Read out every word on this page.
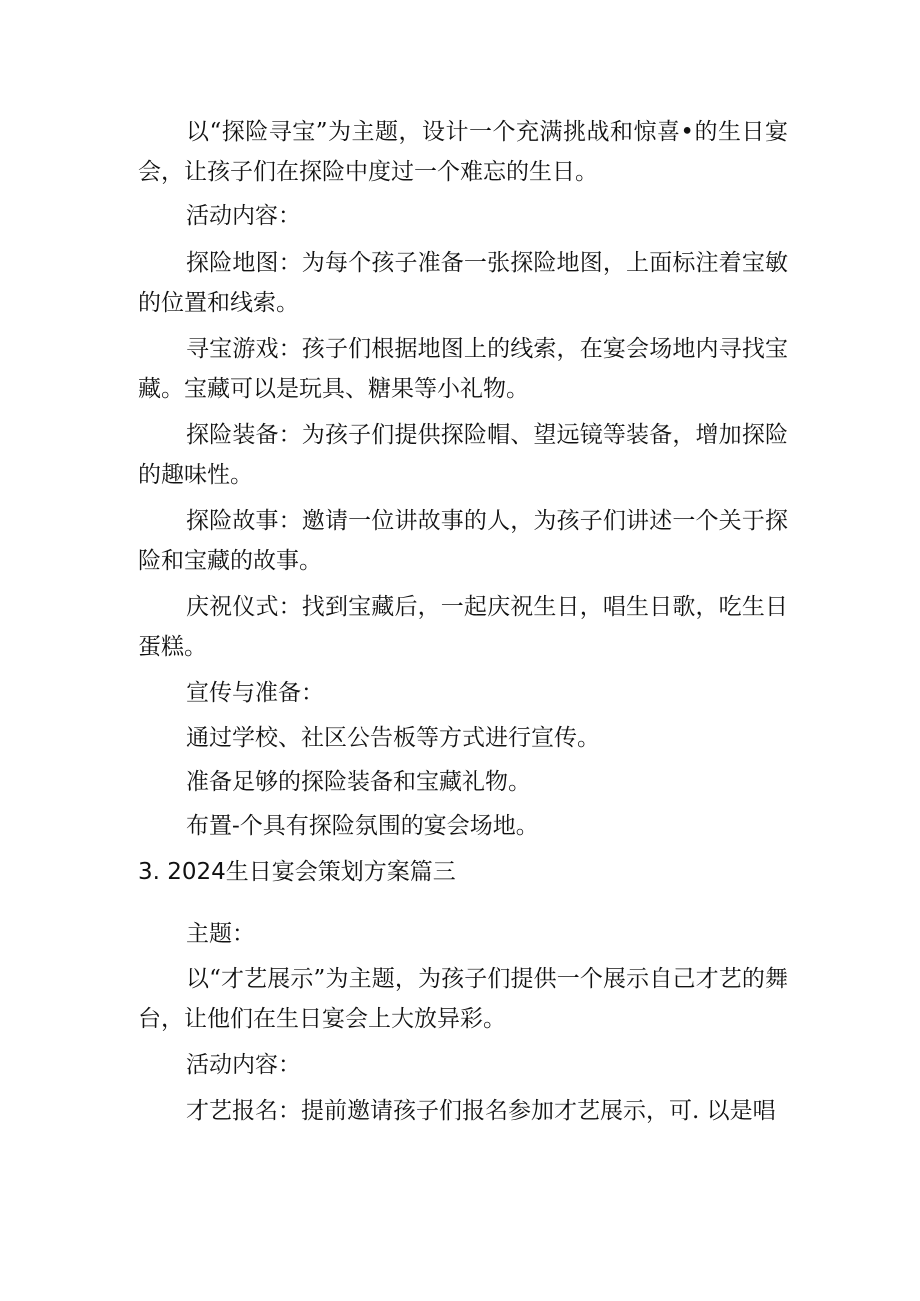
以“探险寻宝”为主题，设计一个充满挑战和惊喜•的生日宴会，让孩子们在探险中度过一个难忘的生日。

活动内容：

探险地图：为每个孩子准备一张探险地图，上面标注着宝敏的位置和线索。

寻宝游戏：孩子们根据地图上的线索，在宴会场地内寻找宝藏。宝藏可以是玩具、糖果等小礼物。

探险装备：为孩子们提供探险帽、望远镜等装备，增加探险的趣味性。

探险故事：邀请一位讲故事的人，为孩子们讲述一个关于探险和宝藏的故事。

庆祝仪式：找到宝藏后，一起庆祝生日，唱生日歌，吃生日蛋糕。

宣传与准备：

通过学校、社区公告板等方式进行宣传。

准备足够的探险装备和宝藏礼物。

布置-个具有探险氛围的宴会场地。

3. 2024生日宴会策划方案篇三

主题：

以“才艺展示”为主题，为孩子们提供一个展示自己才艺的舞台，让他们在生日宴会上大放异彩。

活动内容：

才艺报名：提前邀请孩子们报名参加才艺展示，可. 以是唱
